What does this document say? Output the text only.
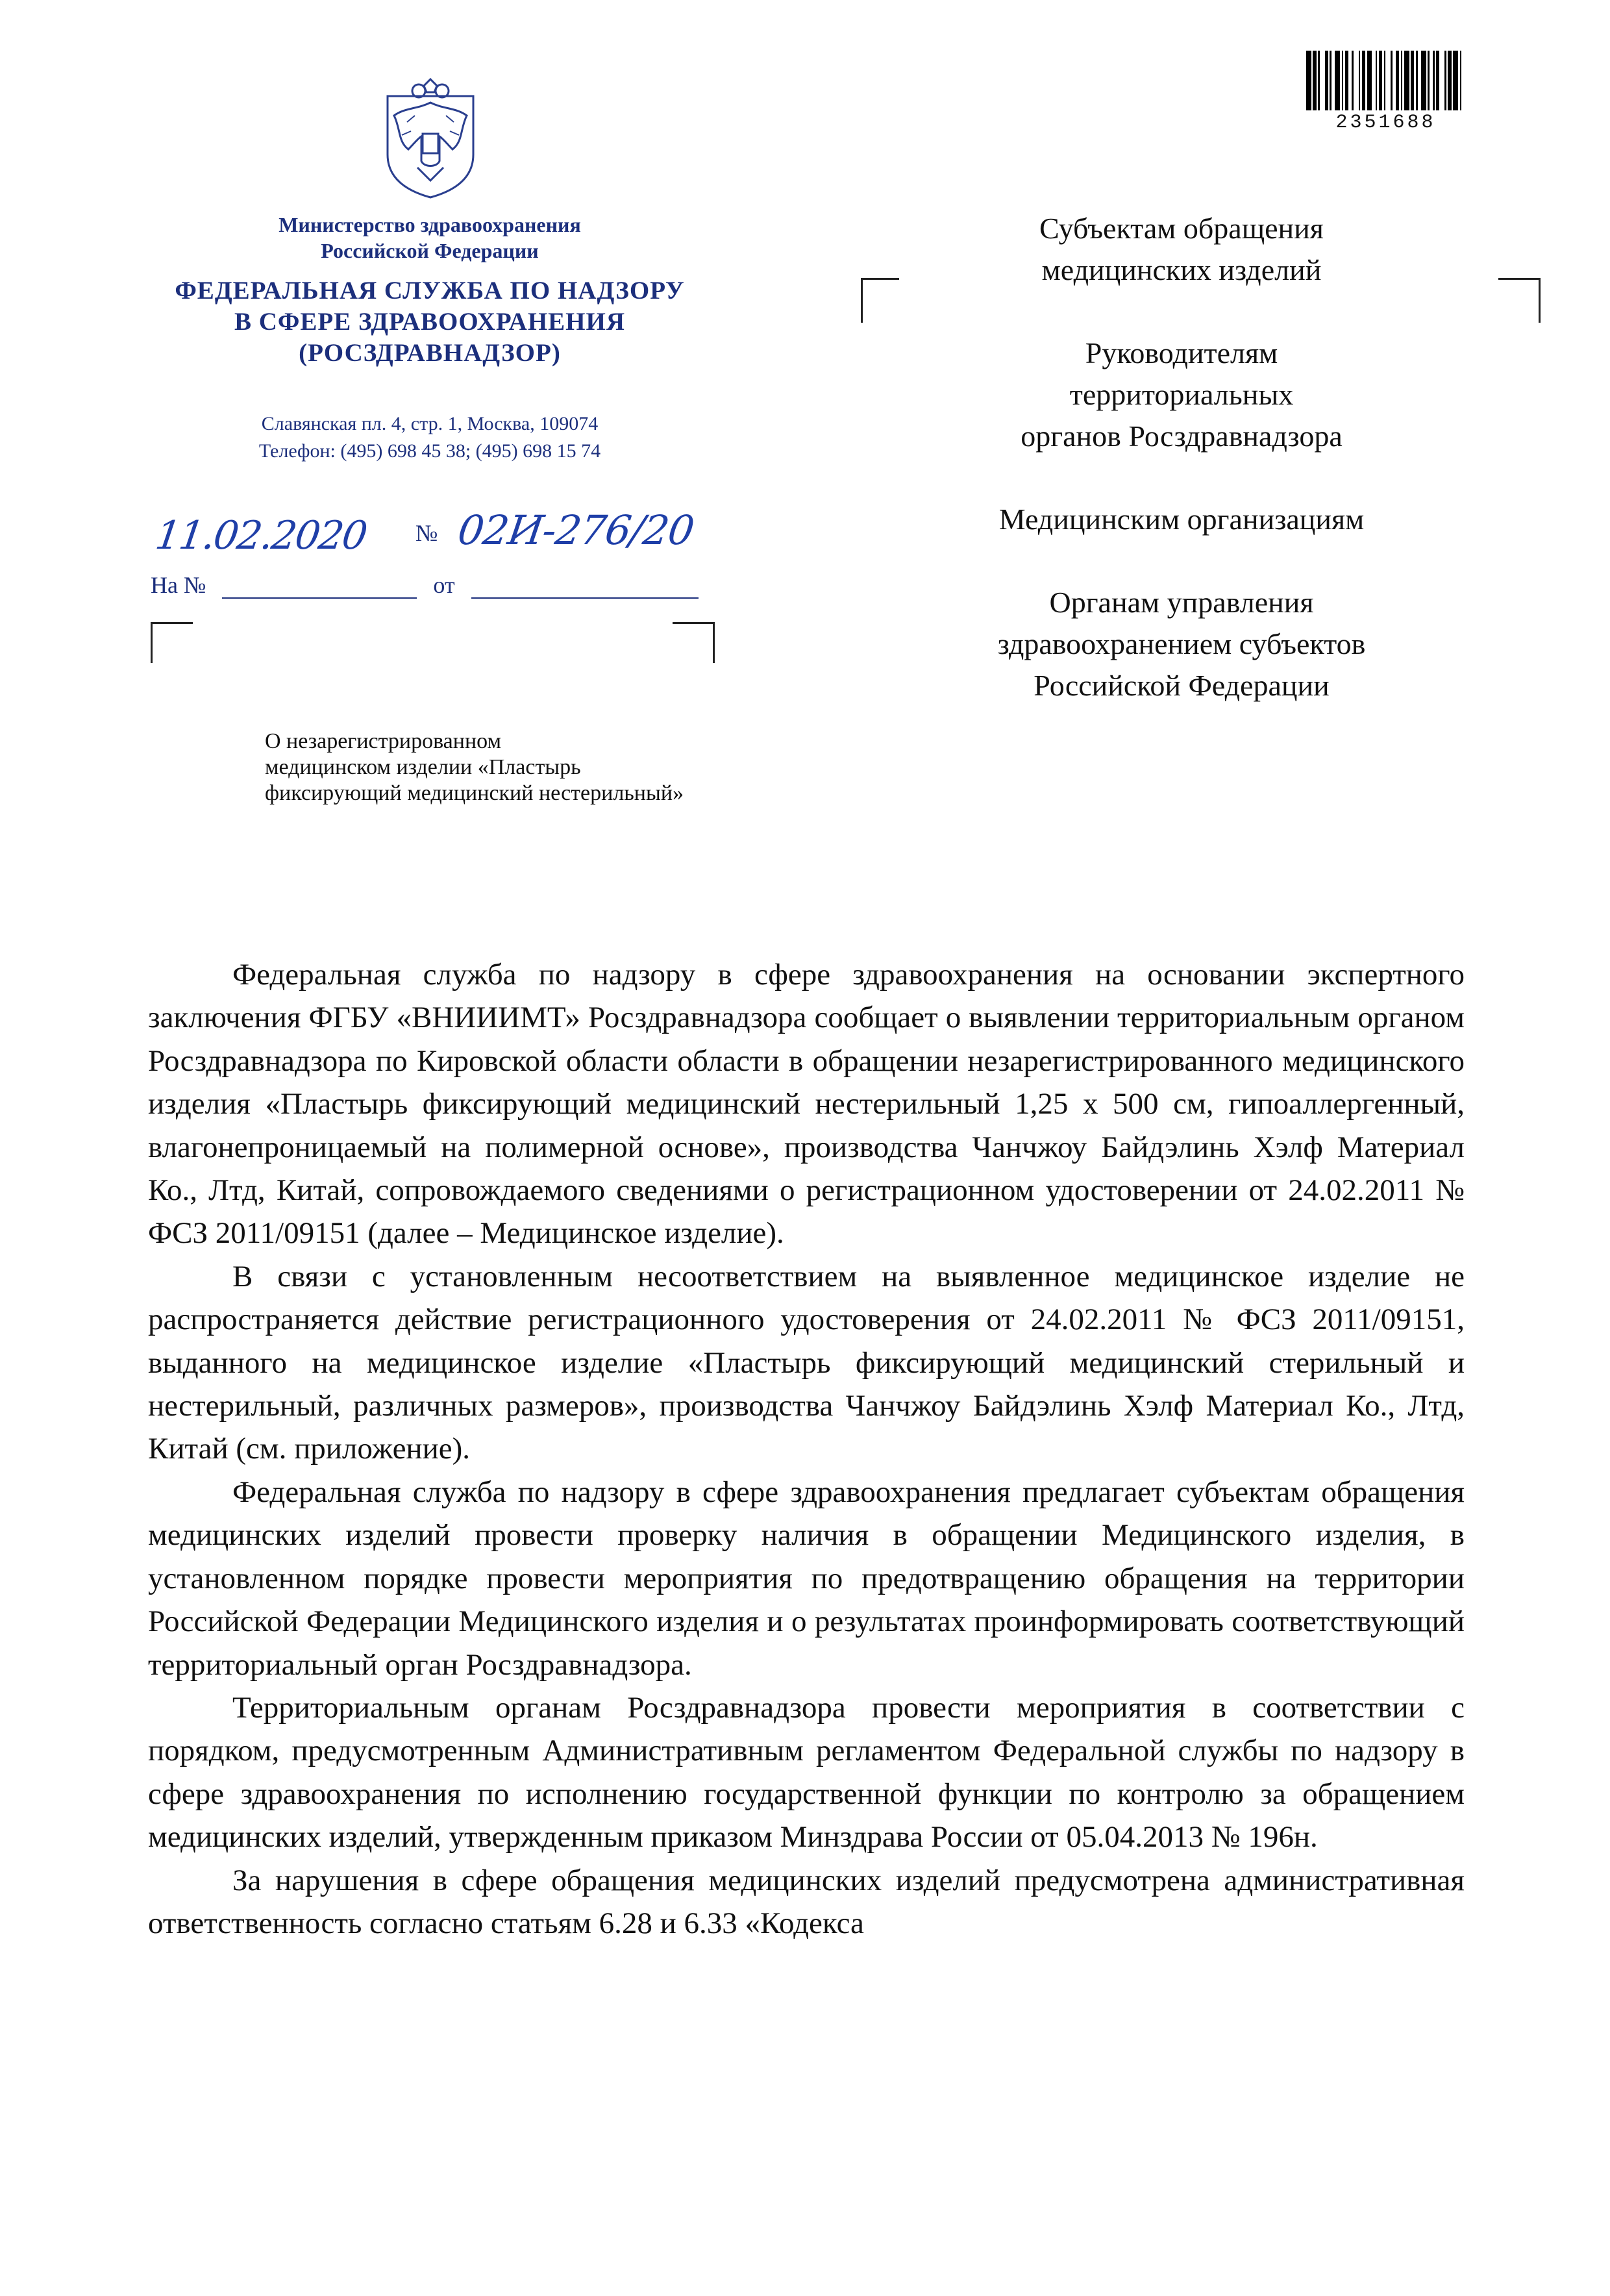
2351688
Министерство здравоохранения
Российской Федерации
ФЕДЕРАЛЬНАЯ СЛУЖБА ПО НАДЗОРУ
В СФЕРЕ ЗДРАВООХРАНЕНИЯ
(РОСЗДРАВНАДЗОР)
Славянская пл. 4, стр. 1, Москва, 109074
Телефон: (495) 698 45 38; (495) 698 15 74
11.02.2020 № 02И-276/20
На №	от
О незарегистрированном
медицинском изделии «Пластырь
фиксирующий медицинский нестерильный»
Субъектам обращения
медицинских изделий
Руководителям
территориальных
органов Росздравнадзора
Медицинским организациям
Органам управления
здравоохранением субъектов
Российской Федерации

Федеральная служба по надзору в сфере здравоохранения на основании экспертного заключения ФГБУ «ВНИИИМТ» Росздравнадзора сообщает о выявлении территориальным органом Росздравнадзора по Кировской области области в обращении незарегистрированного медицинского изделия «Пластырь фиксирующий медицинский нестерильный 1,25 х 500 см, гипоаллергенный, влагонепроницаемый на полимерной основе», производства Чанчжоу Байдэлинь Хэлф Материал Ко., Лтд, Китай, сопровождаемого сведениями о регистрационном удостоверении от 24.02.2011 № ФСЗ 2011/09151 (далее – Медицинское изделие).

В связи с установленным несоответствием на выявленное медицинское изделие не распространяется действие регистрационного удостоверения от 24.02.2011 № ФСЗ 2011/09151, выданного на медицинское изделие «Пластырь фиксирующий медицинский стерильный и нестерильный, различных размеров», производства Чанчжоу Байдэлинь Хэлф Материал Ко., Лтд, Китай (см. приложение).

Федеральная служба по надзору в сфере здравоохранения предлагает субъектам обращения медицинских изделий провести проверку наличия в обращении Медицинского изделия, в установленном порядке провести мероприятия по предотвращению обращения на территории Российской Федерации Медицинского изделия и о результатах проинформировать соответствующий территориальный орган Росздравнадзора.

Территориальным органам Росздравнадзора провести мероприятия в соответствии с порядком, предусмотренным Административным регламентом Федеральной службы по надзору в сфере здравоохранения по исполнению государственной функции по контролю за обращением медицинских изделий, утвержденным приказом Минздрава России от 05.04.2013 № 196н.

За нарушения в сфере обращения медицинских изделий предусмотрена административная ответственность согласно статьям 6.28 и 6.33 «Кодекса
